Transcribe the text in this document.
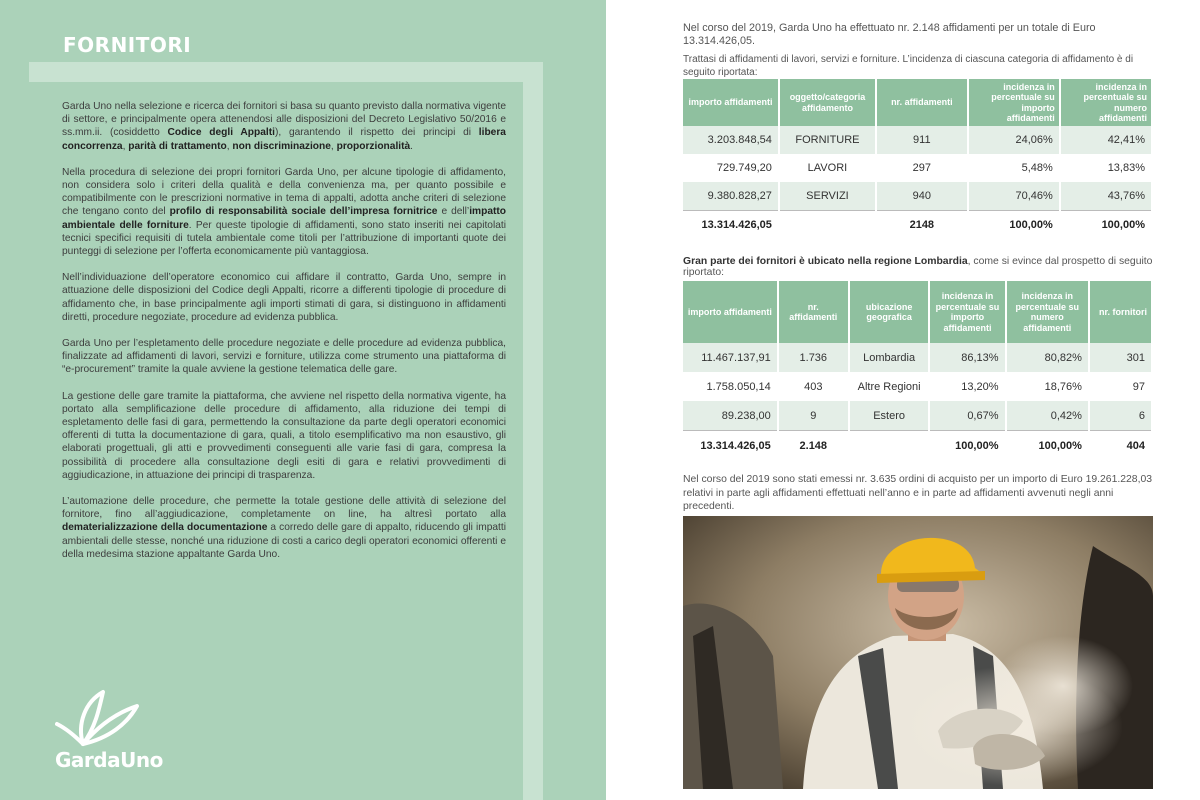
FORNITORI

Garda Uno nella selezione e ricerca dei fornitori si basa su quanto previsto dalla normativa vigente di settore, e principalmente opera attenendosi alle disposizioni del Decreto Legislativo 50/2016 e ss.mm.ii. (cosiddetto Codice degli Appalti), garantendo il rispetto dei principi di libera concorrenza, parità di trattamento, non discriminazione, proporzionalità.

Nella procedura di selezione dei propri fornitori Garda Uno, per alcune tipologie di affidamento, non considera solo i criteri della qualità e della convenienza ma, per quanto possibile e compatibilmente con le prescrizioni normative in tema di appalti, adotta anche criteri di selezione che tengano conto del profilo di responsabilità sociale dell’impresa fornitrice e dell’impatto ambientale delle forniture. Per queste tipologie di affidamenti, sono stato inseriti nei capitolati tecnici specifici requisiti di tutela ambientale come titoli per l’attribuzione di importanti quote dei punteggi di selezione per l’offerta economicamente più vantaggiosa.

Nell’individuazione dell’operatore economico cui affidare il contratto, Garda Uno, sempre in attuazione delle disposizioni del Codice degli Appalti, ricorre a differenti tipologie di procedure di affidamento che, in base principalmente agli importi stimati di gara, si distinguono in affidamenti diretti, procedure negoziate, procedure ad evidenza pubblica.

Garda Uno per l’espletamento delle procedure negoziate e delle procedure ad evidenza pubblica, finalizzate ad affidamenti di lavori, servizi e forniture, utilizza come strumento una piattaforma di “e-procurement” tramite la quale avviene la gestione telematica delle gare.

La gestione delle gare tramite la piattaforma, che avviene nel rispetto della normativa vigente, ha portato alla semplificazione delle procedure di affidamento, alla riduzione dei tempi di espletamento delle fasi di gara, permettendo la consultazione da parte degli operatori economici offerenti di tutta la documentazione di gara, quali, a titolo esemplificativo ma non esaustivo, gli elaborati progettuali, gli atti e provvedimenti conseguenti alle varie fasi di gara, compresa la possibilità di procedere alla consultazione degli esiti di gara e relativi provvedimenti di aggiudicazione, in attuazione dei principi di trasparenza.

L’automazione delle procedure, che permette la totale gestione delle attività di selezione del fornitore, fino all’aggiudicazione, completamente on line, ha altresì portato alla dematerializzazione della documentazione a corredo delle gare di appalto, riducendo gli impatti ambientali delle stesse, nonché una riduzione di costi a carico degli operatori economici offerenti e della medesima stazione appaltante Garda Uno.

GardaUno

Nel corso del 2019, Garda Uno ha effettuato nr. 2.148 affidamenti per un totale di Euro 13.314.426,05.

Trattasi di affidamenti di lavori, servizi e forniture. L’incidenza di ciascuna categoria di affidamento è di seguito riportata:

importo affidamenti	oggetto/categoria affidamento	nr. affidamenti	incidenza in percentuale su importo affidamenti	incidenza in percentuale su numero affidamenti
3.203.848,54	FORNITURE	911	24,06%	42,41%
729.749,20	LAVORI	297	5,48%	13,83%
9.380.828,27	SERVIZI	940	70,46%	43,76%
13.314.426,05		2148	100,00%	100,00%
Gran parte dei fornitori è ubicato nella regione Lombardia, come si evince dal prospetto di seguito riportato:
importo affidamenti	nr. affidamenti	ubicazione geografica	incidenza in percentuale su importo affidamenti	incidenza in percentuale su numero affidamenti	nr. fornitori
11.467.137,91	1.736	Lombardia	86,13%	80,82%	301
1.758.050,14	403	Altre Regioni	13,20%	18,76%	97
89.238,00	9	Estero	0,67%	0,42%	6
13.314.426,05	2.148		100,00%	100,00%	404
Nel corso del 2019 sono stati emessi nr. 3.635 ordini di acquisto per un importo di Euro 19.261.228,03 relativi in parte agli affidamenti effettuati nell’anno e in parte ad affidamenti avvenuti negli anni precedenti.
